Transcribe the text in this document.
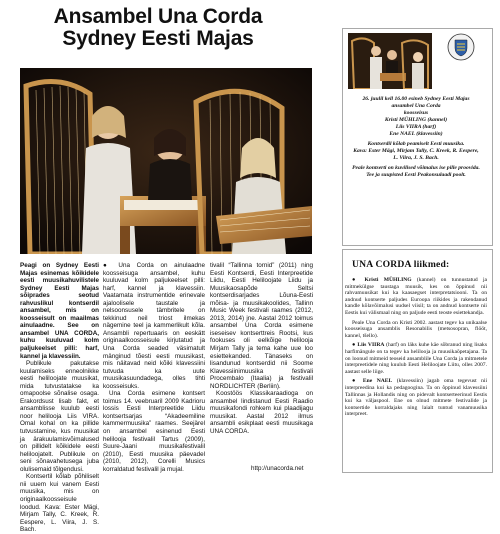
Ansambel Una Corda
Sydney Eesti Majas

Peagi on Sydney Eesti Majas esinemas kõikidele eesti muusikahuvilistele Sydney Eesti Majas sõiprades seotud rahvuslikul kontserdil ansambel, mis on koosseisult on maailmas ainulaadne. See on ansambel UNA CORDA, kuhu kuuluvad kolm paljukeelset pilli: harf, kannel ja klavessiin.

Publikule pakutakse kuulamiseks enneolnikke eesti heliloojate muusikat, mida tutvustatakse ka omapoolse sõnalise osaga. Erakordsust lisab fakt, et ansamblisse kuulub eesti noor heliloojа Liis VIRA. Omal kohal on ka pillide tutvustamine, kus muusikat ja ärakuulamisvõimalused on pillidelt kõikidele eesti heliloojatelt. Publikule on seni sõnavahetusega juba olulisemaid tõlgendusi.

Kontsertil kõlab põhiliselt nii uuem kui vanem Eesti muusika, mis on originaalkoosseisule loodud. Kava: Ester Mägi, Mirjam Tally, C. Kreek, R. Eespere, L. Viira, J. S. Bach.

● Una Corda on ainulaadne koosseisuga ansambel, kuhu kuuluvad kolm paljukeelset pilli: harf, kannel ja klavessiin. Vaatamata instrumentide erinevale ajaloolisele taustale ja nelsoonsusele tämbritele on tekkinud neil triost ilmekas nägemine teel ja kammerlikult kõla. Ansambli repertuaaris on eeskätt originaalkoosseisule kirjutatud ja Una Corda seaded väsimatult mänginud tõesti eesti muusikast, mis näitavad neid kõiki klavessiini tutvuda ka uute muusikasuundadega, olles tihti koosseisuks.

Una Corda esimene kontsert toimus 14. veebruaril 2009 Kadrioru lossis Eesti Interpreetide Liidu kontsertsarjas “Akadeemiline kammermuusika” raames. Seejärel on ansambel esinenud Eesti helilooja festivalil Tartus (2009), Suure-Jaani muusikafestivalil (2010), Eesti muusika päevadel (2010, 2012), Corelli Musics korraldatud festivalil ja mujal.

tivalil “Tallinna tornid” (2011) ning Eesti Kontserdi, Eesti Interpreetide Liidu, Eesti Heliloojate Liidu ja Muusikaosapõde Seltsi kontserdisarjades Lõuna-Eesti mõisa- ja muusikakoolides, Tallinn Music Week festivali raames (2012, 2013, 2014) jne. Aastal 2012 toimus ansambel Una Corda esimene iseseisev kontserttreis Rootsi, kus fookuses oli eelkõige helilooja Mirjam Tally ja tema kahe uue loo esiettekanded. Tänaseks on lisandunud kontserdid nii Soome Klavessiinimuusika festivali Procembalo (Itaalia) ja festivalil NORDLICHTER (Berliin).

Koostöös Klassikaraadioga on ansambel lindistanud Eesti Raadio muusikafondi rohkem kui plaadijagu muusikat. Aastal 2012 ilmus ansambli esikplaat eesti muusikaga UNA CORDA.

http://unacorda.net
26. juulil kell 16.00 esineb Sydney Eesti Majas
ansambel Una Corda
koosseisus
Kristi MÜHLING (kannel)
Liis VIIRA (harf)
Ene NAEL (klavessiin)
Kontserdil kõlab peamiselt Eesti muusika.
Kava: Ester Mägi, Mirjam Tally, C. Kreek, R. Eespere,
L. Viira, J. S. Bach.
Peale kontserti on kuvilised võimalus ise pille proovida.
Tee ja suupisted Eesti Peakonsulaadi poolt.
UNA CORDA liikmed:

● Kristi MÜHLING (kannel) on tunnustatud ja mitmekülgse taustaga muusik, kes on õppinud nii rahvamuusikat kui ka kaasaegset interpretatsiooni. Ta on andnud kontserte paljudes Euroopa riikides ja rakendanud kandle kõlavõimalusi uudsel viisil; ta on andnud kontserte nii Eestis kui välismaal ning on paljude eesti teoste esiettekandja.

Peale Una Corda on Kristi 2002. aastast tegev ka unikaalse koosseisuga ansamblis Resonabilis (metsosopran, flööt, kannel, tšello).

● Liis VIIRA (harf) on läks kuhe käe sõbranud ning lisaks harfimängule on ta tegev ka helilooja ja muusikaõpetajana. Ta on loonud mitmeid teoseid ansamblile Una Corda ja mitmetele interpreetidele ning kuulub Eesti Heliloojate Liitu, olles 2007. aastast selle liige.

● Ene NAEL (klavessiin) jagab oma tegevust nii interpreedina kui ka pedagoogina. Ta on õppinud klavessiini Tallinnas ja Hollandis ning on pidevalt kontserteerinud Eestis kui ka väljaspool. Ene on olnud mitmete festivalide ja kontsertide korraldajaks ning laialt tuntud vanamuusika interpreet.
